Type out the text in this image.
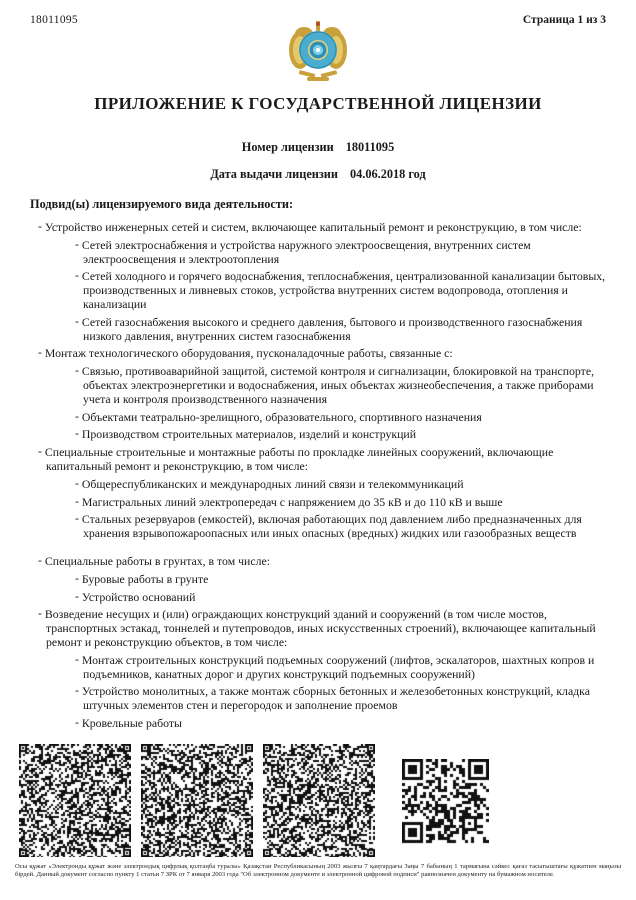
18011095	Страница 1 из 3
ПРИЛОЖЕНИЕ К ГОСУДАРСТВЕННОЙ ЛИЦЕНЗИИ
Номер лицензии 18011095
Дата выдачи лицензии 04.06.2018 год
Подвид(ы) лицензируемого вида деятельности:
- Устройство инженерных сетей и систем, включающее капитальный ремонт и реконструкцию, в том числе:
- Сетей электроснабжения и устройства наружного электроосвещения, внутренних систем электроосвещения и электроотопления
- Сетей холодного и горячего водоснабжения, теплоснабжения, централизованной канализации бытовых, производственных и ливневых стоков, устройства внутренних систем водопровода, отопления и канализации
- Сетей газоснабжения высокого и среднего давления, бытового и производственного газоснабжения низкого давления, внутренних систем газоснабжения
- Монтаж технологического оборудования, пусконаладочные работы, связанные с:
- Связью, противоаварийной защитой, системой контроля и сигнализации, блокировкой на транспорте, объектах электроэнергетики и водоснабжения, иных объектах жизнеобеспечения, а также приборами учета и контроля производственного назначения
- Объектами театрально-зрелищного, образовательного, спортивного назначения
- Производством строительных материалов, изделий и конструкций
- Специальные строительные и монтажные работы по прокладке линейных сооружений, включающие капитальный ремонт и реконструкцию, в том числе:
- Общереспубликанских и международных линий связи и телекоммуникаций
- Магистральных линий электропередач с напряжением до 35 кВ и до 110 кВ и выше
- Стальных резервуаров (емкостей), включая работающих под давлением либо предназначенных для хранения взрывопожароопасных или иных опасных (вредных) жидких или газообразных веществ
- Специальные работы в грунтах, в том числе:
- Буровые работы в грунте
- Устройство оснований
- Возведение несущих и (или) ограждающих конструкций зданий и сооружений (в том числе мостов, транспортных эстакад, тоннелей и путепроводов, иных искусственных строений), включающее капитальный ремонт и реконструкцию объектов, в том числе:
- Монтаж строительных конструкций подъемных сооружений (лифтов, эскалаторов, шахтных копров и подъемников, канатных дорог и других конструкций подъемных сооружений)
- Устройство монолитных, а также монтаж сборных бетонных и железобетонных конструкций, кладка штучных элементов стен и перегородок и заполнение проемов
- Кровельные работы
Осы құжат «Электронды құжат және электрондық цифрлық қолтаңба туралы» Қазақстан Республикасының 2003 жылғы 7 қаңтардағы Заңы 7 бабының 1 тармағына сәйкес қағаз тасығыштағы құжатпен маңызы бірдей. Данный документ согласно пункту 1 статьи 7 ЗРК от 7 января 2003 года "Об электронном документе и электронной цифровой подписи" равнозначен документу на бумажном носителе.
